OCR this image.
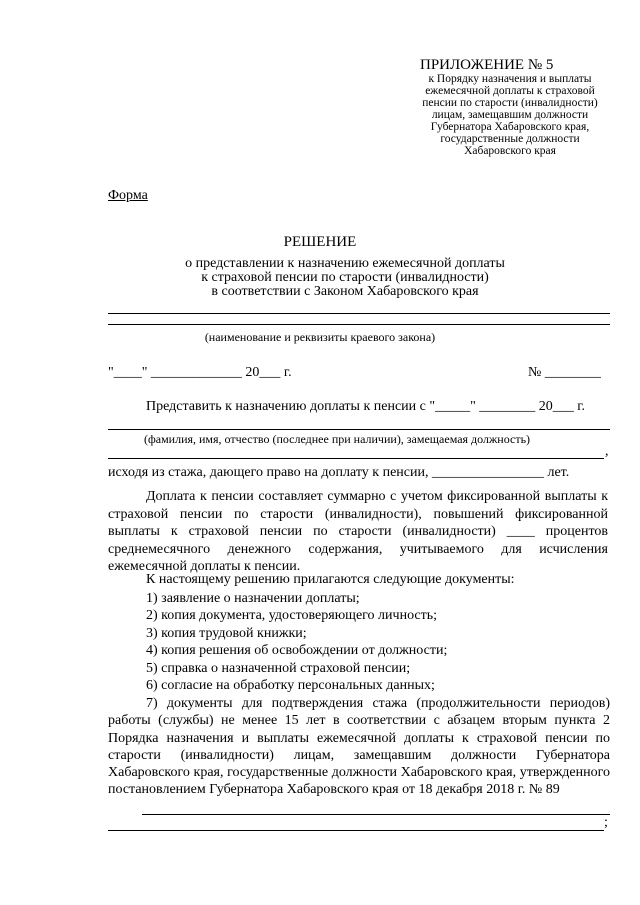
ПРИЛОЖЕНИЕ № 5
к Порядку назначения и выплаты
ежемесячной доплаты к страховой
пенсии по старости (инвалидности)
лицам, замещавшим должности
Губернатора Хабаровского края,
государственные должности
Хабаровского края
Форма
РЕШЕНИЕ
о представлении к назначению ежемесячной доплаты
к страховой пенсии по старости (инвалидности)
в соответствии с Законом Хабаровского края
(наименование и реквизиты краевого закона)
"____" _____________ 20___ г.	№ ________
Представить к назначению доплаты к пенсии с "_____" ________ 20___ г.
(фамилия, имя, отчество (последнее при наличии), замещаемая должность)
,
исходя из стажа, дающего право на доплату к пенсии, ________________ лет.
Доплата к пенсии составляет суммарно с учетом фиксированной выплаты к страховой пенсии по старости (инвалидности), повышений фиксированной выплаты к страховой пенсии по старости (инвалидности) ____ процентов среднемесячного денежного содержания, учитываемого для исчисления ежемесячной доплаты к пенсии.
К настоящему решению прилагаются следующие документы:
1) заявление о назначении доплаты;
2) копия документа, удостоверяющего личность;
3) копия трудовой книжки;
4) копия решения об освобождении от должности;
5) справка о назначенной страховой пенсии;
6) согласие на обработку персональных данных;
7) документы для подтверждения стажа (продолжительности периодов) работы (службы) не менее 15 лет в соответствии с абзацем вторым пункта 2 Порядка назначения и выплаты ежемесячной доплаты к страховой пенсии по старости (инвалидности) лицам, замещавшим должности Губернатора Хабаровского края, государственные должности Хабаровского края, утвержденного постановлением Губернатора Хабаровского края от 18 декабря 2018 г. № 89
;
